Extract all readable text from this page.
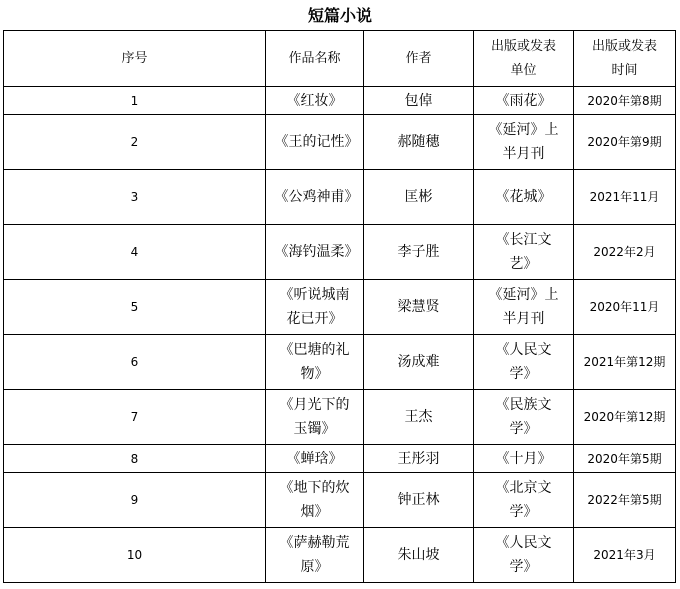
短篇小说
序号	作品名称	作者	出版或发表单位	出版或发表时间
1	《红妆》	包倬	《雨花》	2020年第8期
2	《王的记性》	郝随穗	《延河》上半月刊	2020年第9期
3	《公鸡神甫》	匡彬	《花城》	2021年11月
4	《海钓温柔》	李子胜	《长江文艺》	2022年2月
5	《听说城南花已开》	梁慧贤	《延河》上半月刊	2020年11月
6	《巴塘的礼物》	汤成难	《人民文学》	2021年第12期
7	《月光下的玉镯》	王杰	《民族文学》	2020年第12期
8	《蝉琀》	王彤羽	《十月》	2020年第5期
9	《地下的炊烟》	钟正林	《北京文学》	2022年第5期
10	《萨赫勒荒原》	朱山坡	《人民文学》	2021年3月
